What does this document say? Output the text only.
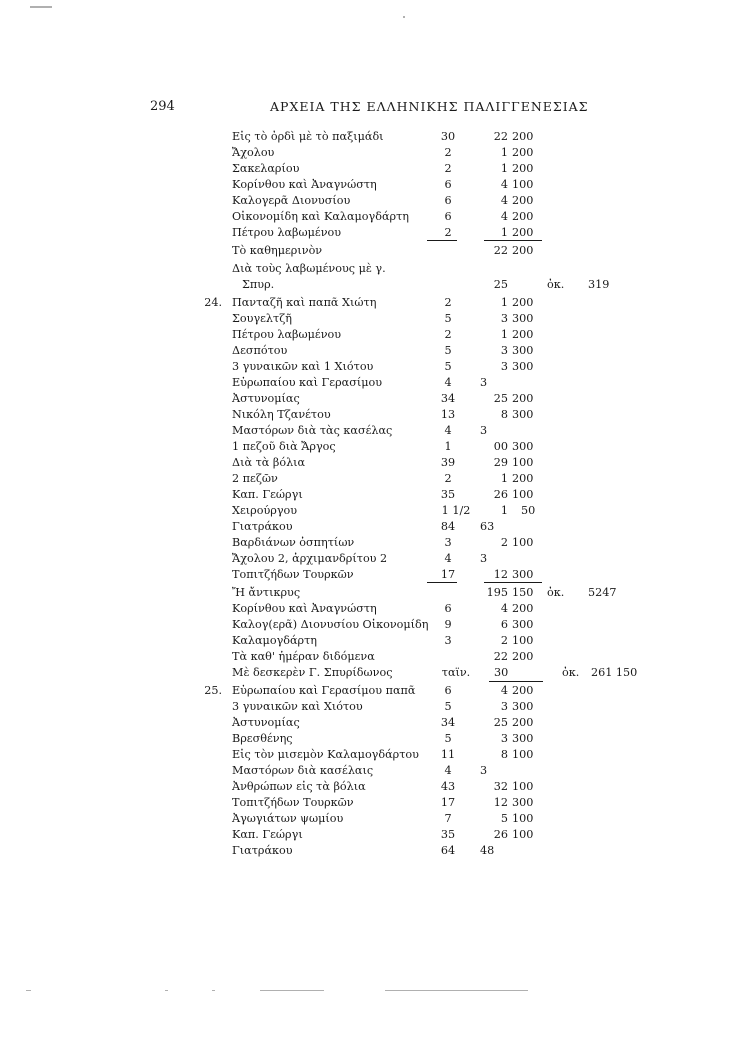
294	ΑΡΧΕΙΑ ΤΗΣ ΕΛΛΗΝΙΚΗΣ ΠΑΛΙΓΓΕΝΕΣΙΑΣ
Εἰς τὸ ὀρδὶ μὲ τὸ παξιμάδι	30	22 200
Ἄχολου	2	1 200
Σακελαρίου	2	1 200
Κορίνθου καὶ Ἀναγνώστη	6	4 100
Καλογερᾶ Διονυσίου	6	4 200
Οἰκονομίδη καὶ Καλαμογδάρτη	6	4 200
Πέτρου λαβωμένου	2	1 200
Τὸ καθημερινὸν	22 200
Διὰ τοὺς λαβωμένους μὲ γ.
Σπυρ.	25	ὀκ. 319
24. Πανταζῆ καὶ παπᾶ Χιώτη	2	1 200
Σουγελτζῆ	5	3 300
Πέτρου λαβωμένου	2	1 200
Δεσπότου	5	3 300
3 γυναικῶν καὶ 1 Χιότου	5	3 300
Εὐρωπαίου καὶ Γερασίμου	4	3
Ἀστυνομίας	34	25 200
Νικόλη Τζανέτου	13	8 300
Μαστόρων διὰ τὰς κασέλας	4	3
1 πεζοῦ διὰ Ἄργος	1	00 300
Διὰ τὰ βόλια	39	29 100
2 πεζῶν	2	1 200
Καπ. Γεώργι	35	26 100
Χειρούργου	1 1/2	1 50
Γιατράκου	84	63
Βαρδιάνων ὀσπητίων	3	2 100
Ἄχολου 2, ἀρχιμανδρίτου 2	4	3
Τοπιτζήδων Τουρκῶν	17	12 300
Ἤ ἄντικρυς	195 150 ὀκ. 5247
Κορίνθου καὶ Ἀναγνώστη	6	4 200
Καλογ(ερᾶ) Διονυσίου Οἰκονομίδη	9	6 300
Καλαμογδάρτη	3	2 100
Τὰ καθ' ἡμέραν διδόμενα	22 200
Μὲ δεσκερὲν Γ. Σπυρίδωνος	ταϊν.	30	ὀκ. 261 150
25. Εὐρωπαίου καὶ Γερασίμου παπᾶ	6	4 200
3 γυναικῶν καὶ Χιότου	5	3 300
Ἀστυνομίας	34	25 200
Βρεσθένης	5	3 300
Εἰς τὸν μισεμὸν Καλαμογδάρτου	11	8 100
Μαστόρων διὰ κασέλαις	4	3
Ἀνθρώπων εἰς τὰ βόλια	43	32 100
Τοπιτζήδων Τουρκῶν	17	12 300
Ἀγωγιάτων ψωμίου	7	5 100
Καπ. Γεώργι	35	26 100
Γιατράκου	64	48
